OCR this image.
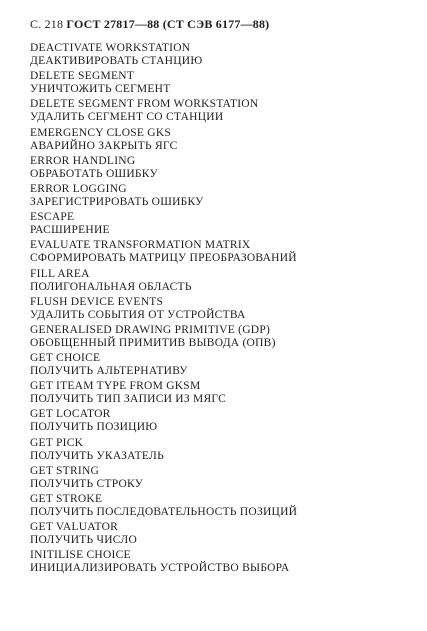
С. 218 ГОСТ 27817—88 (СТ СЭВ 6177—88)
DEACTIVATE WORKSTATION
ДЕАКТИВИРОВАТЬ СТАНЦИЮ
DELETE SEGMENT
УНИЧТОЖИТЬ СЕГМЕНТ
DELETE SEGMENT FROM WORKSTATION
УДАЛИТЬ СЕГМЕНТ СО СТАНЦИИ
EMERGENCY CLOSE GKS
АВАРИЙНО ЗАКРЫТЬ ЯГС
ERROR HANDLING
ОБРАБОТАТЬ ОШИБКУ
ERROR LOGGING
ЗАРЕГИСТРИРОВАТЬ ОШИБКУ
ESCAPE
РАСШИРЕНИЕ
EVALUATE TRANSFORMATION MATRIX
СФОРМИРОВАТЬ МАТРИЦУ ПРЕОБРАЗОВАНИЙ
FILL AREA
ПОЛИГОНАЛЬНАЯ ОБЛАСТЬ
FLUSH DEVICE EVENTS
УДАЛИТЬ СОБЫТИЯ ОТ УСТРОЙСТВА
GENERALISED DRAWING PRIMITIVE (GDP)
ОБОБЩЕННЫЙ ПРИМИТИВ ВЫВОДА (ОПВ)
GET CHOICE
ПОЛУЧИТЬ АЛЬТЕРНАТИВУ
GET ITEAM TYPE FROM GKSM
ПОЛУЧИТЬ ТИП ЗАПИСИ ИЗ МЯГС
GET LOCATOR
ПОЛУЧИТЬ ПОЗИЦИЮ
GET PICK
ПОЛУЧИТЬ УКАЗАТЕЛЬ
GET STRING
ПОЛУЧИТЬ СТРОКУ
GET STROKE
ПОЛУЧИТЬ ПОСЛЕДОВАТЕЛЬНОСТЬ ПОЗИЦИЙ
GET VALUATOR
ПОЛУЧИТЬ ЧИСЛО
INITILISE CHOICE
ИНИЦИАЛИЗИРОВАТЬ УСТРОЙСТВО ВЫБОРА
